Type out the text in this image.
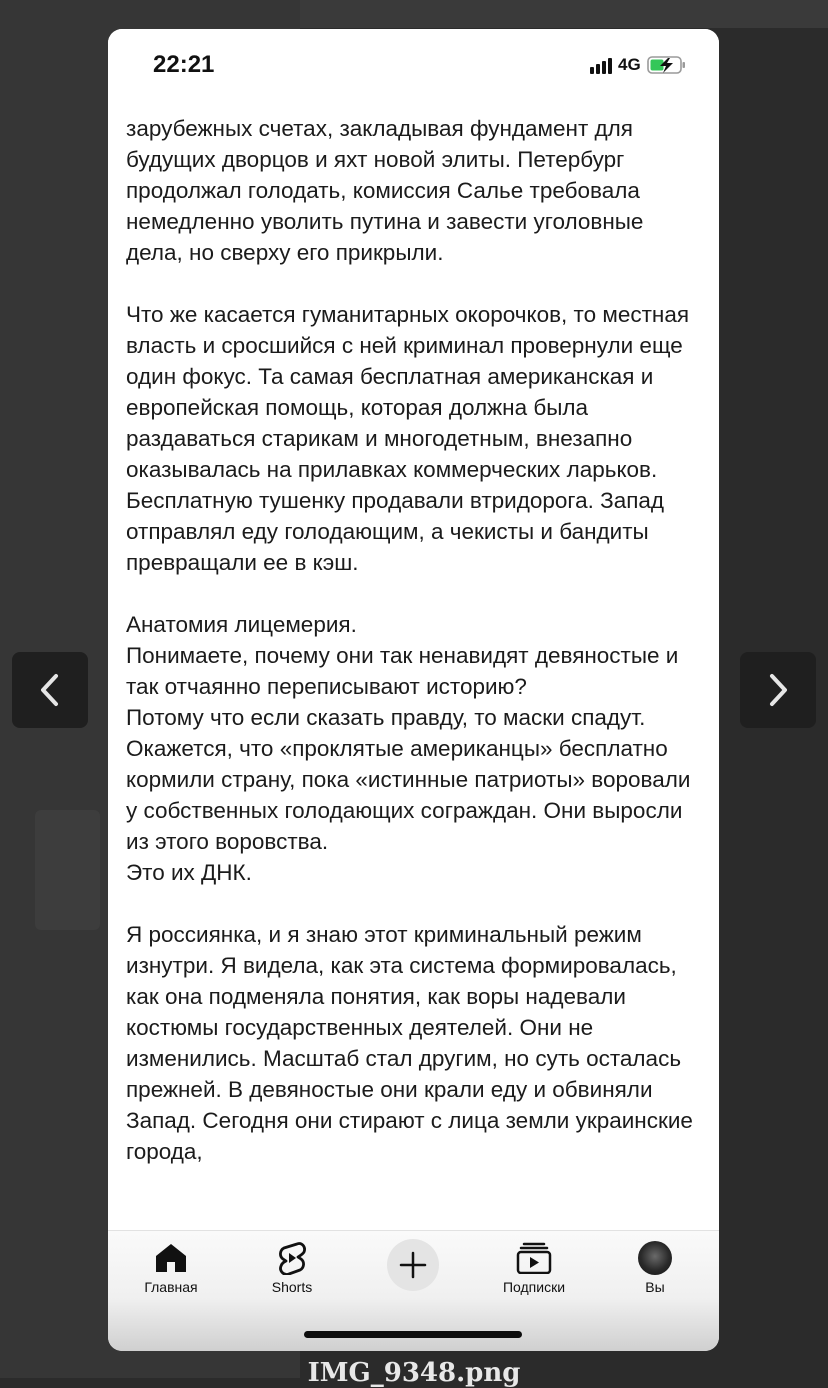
22:21	4G

зарубежных счетах, закладывая фундамент для будущих дворцов и яхт новой элиты. Петербург продолжал голодать, комиссия Салье требовала немедленно уволить путина и завести уголовные дела, но сверху его прикрыли.

Что же касается гуманитарных окорочков, то местная власть и сросшийся с ней криминал провернули еще один фокус. Та самая бесплатная американская и европейская помощь, которая должна была раздаваться старикам и многодетным, внезапно оказывалась на прилавках коммерческих ларьков. Бесплатную тушенку продавали втридорога. Запад отправлял еду голодающим, а чекисты и бандиты превращали ее в кэш.

Анатомия лицемерия.
Понимаете, почему они так ненавидят девяностые и так отчаянно переписывают историю?
Потому что если сказать правду, то маски спадут. Окажется, что «проклятые американцы» бесплатно кормили страну, пока «истинные патриоты» воровали у собственных голодающих сограждан. Они выросли из этого воровства.
Это их ДНК.

Я россиянка, и я знаю этот криминальный режим изнутри. Я видела, как эта система формировалась, как она подменяла понятия, как воры надевали костюмы государственных деятелей. Они не изменились. Масштаб стал другим, но суть осталась прежней. В девяностые они крали еду и обвиняли Запад. Сегодня они стирают с лица земли украинские города,

Главная	Shorts	Подписки	Вы
IMG_9348.png
